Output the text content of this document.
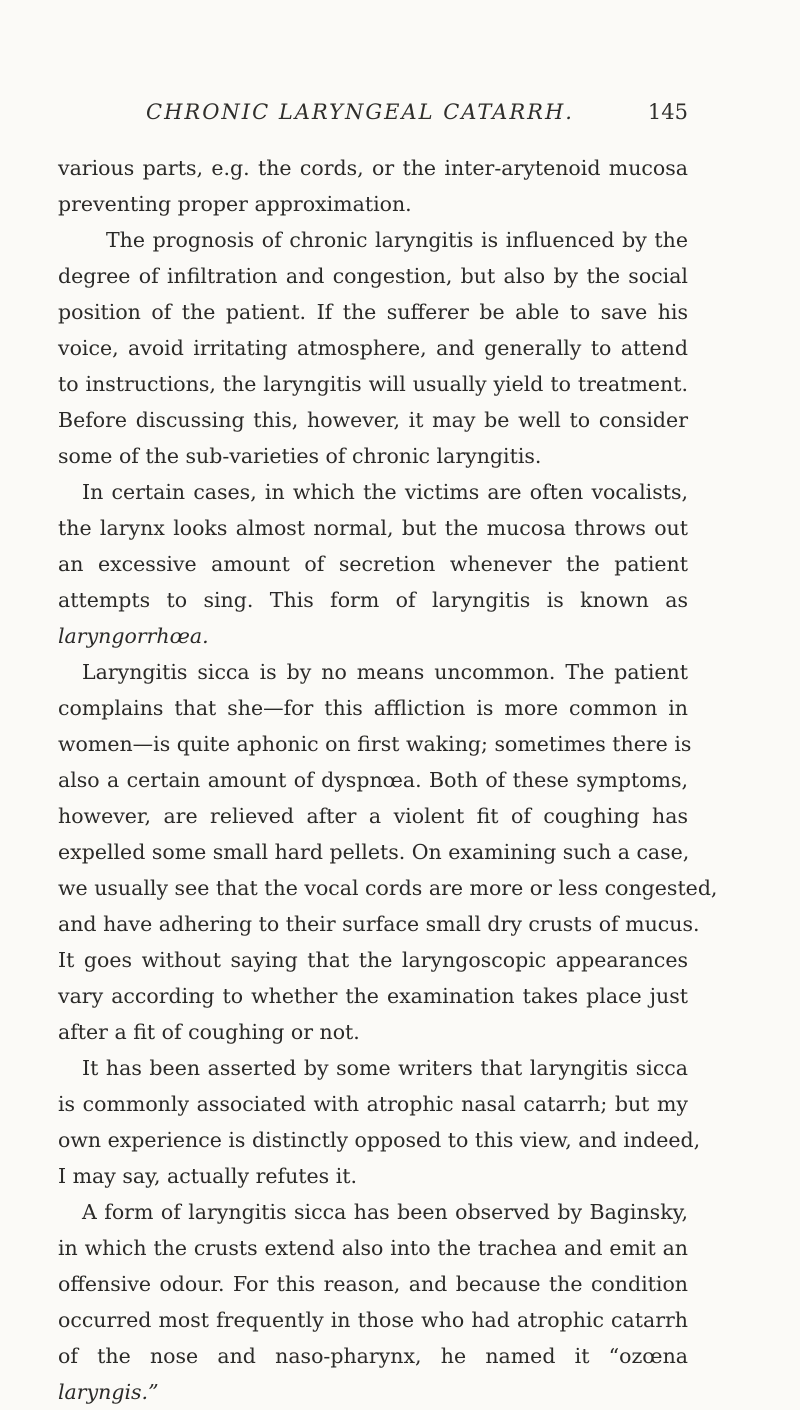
CHRONIC LARYNGEAL CATARRH.	145
various parts, e.g. the cords, or the inter-arytenoid mucosa
preventing proper approximation.
The prognosis of chronic laryngitis is influenced by the
degree of infiltration and congestion, but also by the social
position of the patient. If the sufferer be able to save his
voice, avoid irritating atmosphere, and generally to attend
to instructions, the laryngitis will usually yield to treatment.
Before discussing this, however, it may be well to consider
some of the sub-varieties of chronic laryngitis.
In certain cases, in which the victims are often vocalists,
the larynx looks almost normal, but the mucosa throws out
an excessive amount of secretion whenever the patient
attempts to sing. This form of laryngitis is known as
laryngorrhœa.
Laryngitis sicca is by no means uncommon. The patient
complains that she—for this affliction is more common in
women—is quite aphonic on first waking; sometimes there is
also a certain amount of dyspnœa. Both of these symptoms,
however, are relieved after a violent fit of coughing has
expelled some small hard pellets. On examining such a case,
we usually see that the vocal cords are more or less congested,
and have adhering to their surface small dry crusts of mucus.
It goes without saying that the laryngoscopic appearances
vary according to whether the examination takes place just
after a fit of coughing or not.
It has been asserted by some writers that laryngitis sicca
is commonly associated with atrophic nasal catarrh; but my
own experience is distinctly opposed to this view, and indeed,
I may say, actually refutes it.
A form of laryngitis sicca has been observed by Baginsky,
in which the crusts extend also into the trachea and emit an
offensive odour. For this reason, and because the condition
occurred most frequently in those who had atrophic catarrh
of the nose and naso-pharynx, he named it “ozœna
laryngis.”
